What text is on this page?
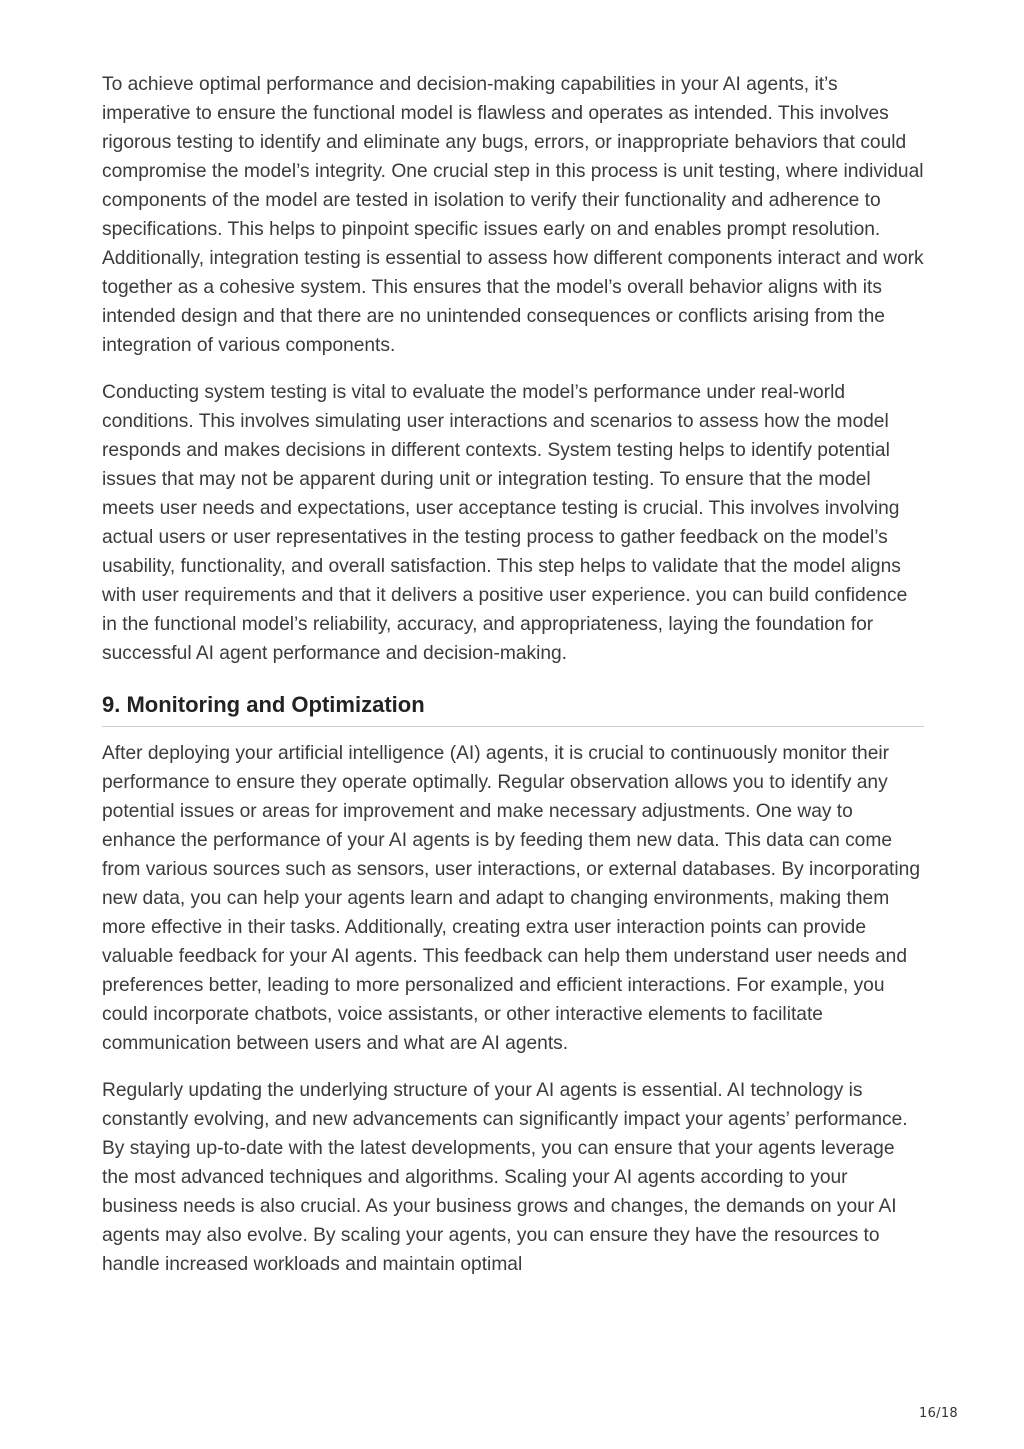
To achieve optimal performance and decision-making capabilities in your AI agents, it’s imperative to ensure the functional model is flawless and operates as intended. This involves rigorous testing to identify and eliminate any bugs, errors, or inappropriate behaviors that could compromise the model’s integrity. One crucial step in this process is unit testing, where individual components of the model are tested in isolation to verify their functionality and adherence to specifications. This helps to pinpoint specific issues early on and enables prompt resolution. Additionally, integration testing is essential to assess how different components interact and work together as a cohesive system. This ensures that the model’s overall behavior aligns with its intended design and that there are no unintended consequences or conflicts arising from the integration of various components.

Conducting system testing is vital to evaluate the model’s performance under real-world conditions. This involves simulating user interactions and scenarios to assess how the model responds and makes decisions in different contexts. System testing helps to identify potential issues that may not be apparent during unit or integration testing. To ensure that the model meets user needs and expectations, user acceptance testing is crucial. This involves involving actual users or user representatives in the testing process to gather feedback on the model’s usability, functionality, and overall satisfaction. This step helps to validate that the model aligns with user requirements and that it delivers a positive user experience. you can build confidence in the functional model’s reliability, accuracy, and appropriateness, laying the foundation for successful AI agent performance and decision-making.

9. Monitoring and Optimization

After deploying your artificial intelligence (AI) agents, it is crucial to continuously monitor their performance to ensure they operate optimally. Regular observation allows you to identify any potential issues or areas for improvement and make necessary adjustments. One way to enhance the performance of your AI agents is by feeding them new data. This data can come from various sources such as sensors, user interactions, or external databases. By incorporating new data, you can help your agents learn and adapt to changing environments, making them more effective in their tasks. Additionally, creating extra user interaction points can provide valuable feedback for your AI agents. This feedback can help them understand user needs and preferences better, leading to more personalized and efficient interactions. For example, you could incorporate chatbots, voice assistants, or other interactive elements to facilitate communication between users and what are AI agents.

Regularly updating the underlying structure of your AI agents is essential. AI technology is constantly evolving, and new advancements can significantly impact your agents’ performance. By staying up-to-date with the latest developments, you can ensure that your agents leverage the most advanced techniques and algorithms. Scaling your AI agents according to your business needs is also crucial. As your business grows and changes, the demands on your AI agents may also evolve. By scaling your agents, you can ensure they have the resources to handle increased workloads and maintain optimal

16/18
